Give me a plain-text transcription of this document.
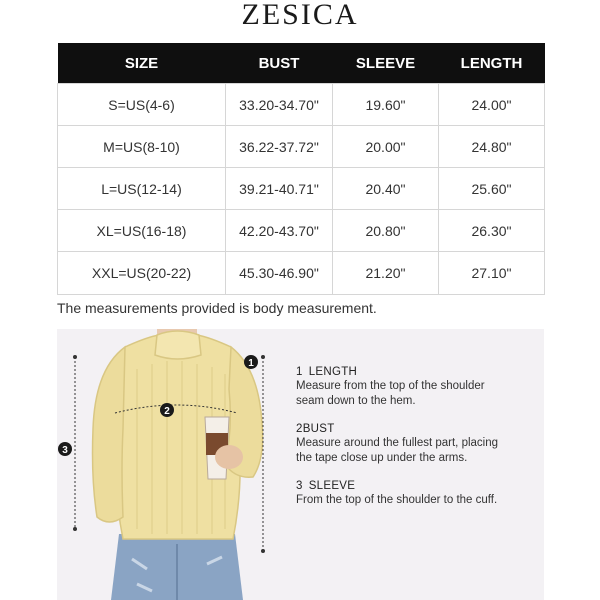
ZESICA
SIZE	BUST	SLEEVE	LENGTH
S=US(4-6)	33.20-34.70"	19.60"	24.00"
M=US(8-10)	36.22-37.72"	20.00"	24.80"
L=US(12-14)	39.21-40.71"	20.40"	25.60"
XL=US(16-18)	42.20-43.70"	20.80"	26.30"
XXL=US(20-22)	45.30-46.90"	21.20"	27.10"
The measurements provided is body measurement.
1
2
3
1 LENGTH
Measure from the top of the shoulder
seam down to the hem.
2BUST
Measure around the fullest part, placing
the tape close up under the arms.
3 SLEEVE
From the top of the shoulder to the cuff.
